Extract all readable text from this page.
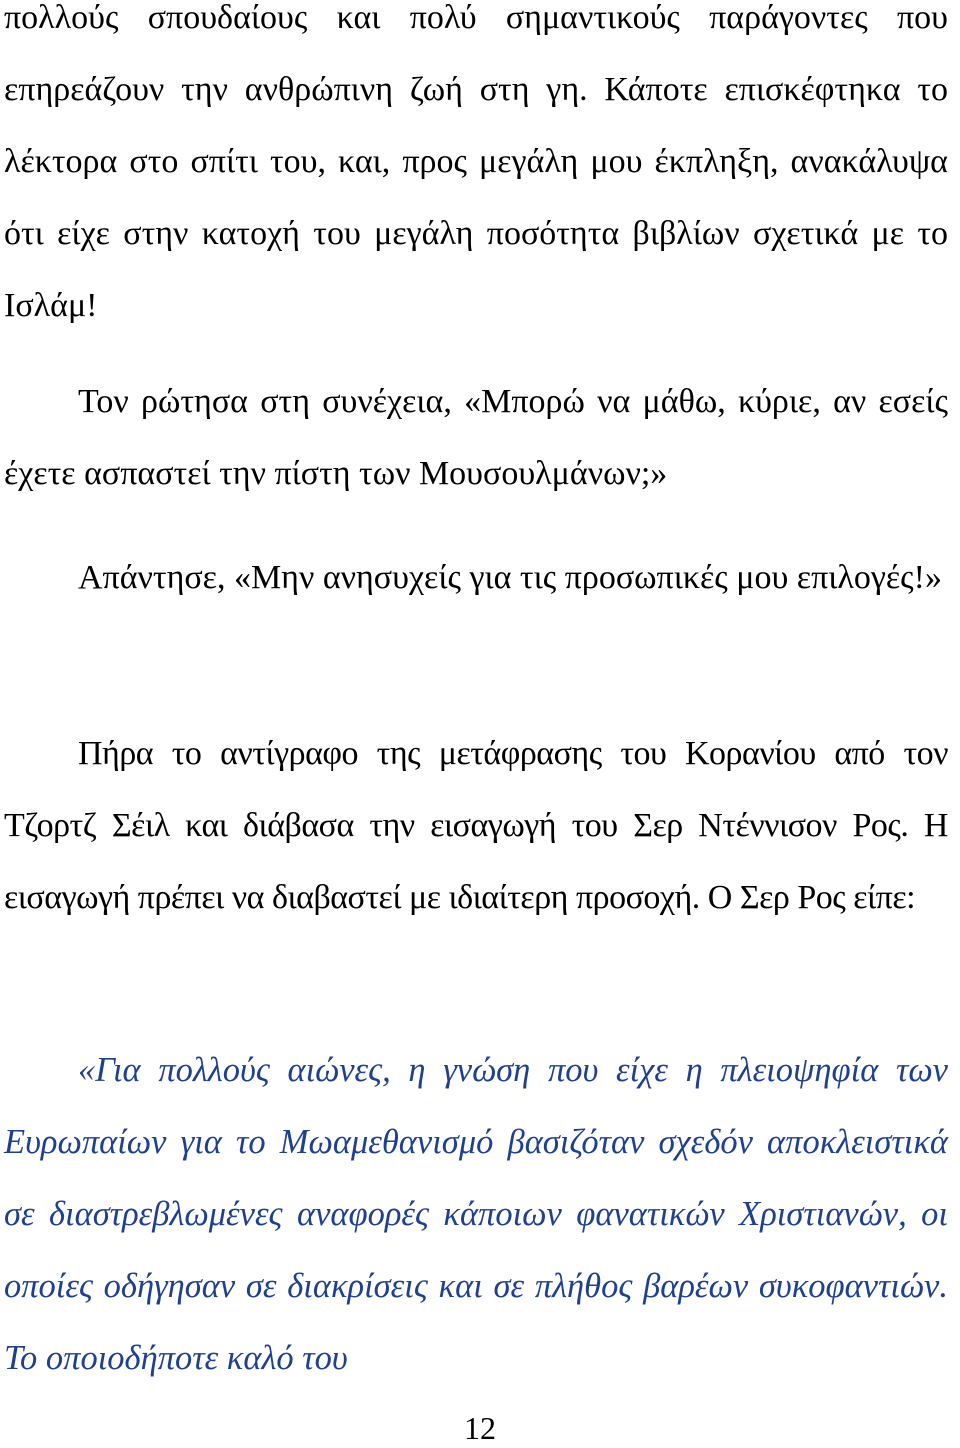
πολλούς σπουδαίους και πολύ σημαντικούς παράγοντες που επηρεάζουν την ανθρώπινη ζωή στη γη. Κάποτε επισκέφτηκα το λέκτορα στο σπίτι του, και, προς μεγάλη μου έκπληξη, ανακάλυψα ότι είχε στην κατοχή του μεγάλη ποσότητα βιβλίων σχετικά με το Ισλάμ!

Τον ρώτησα στη συνέχεια, «Μπορώ να μάθω, κύριε, αν εσείς έχετε ασπαστεί την πίστη των Μουσουλμάνων;»

Απάντησε, «Μην ανησυχείς για τις προσωπικές μου επιλογές!»

Πήρα το αντίγραφο της μετάφρασης του Κορανίου από τον Τζορτζ Σέιλ και διάβασα την εισαγωγή του Σερ Ντέννισον Ρος. Η εισαγωγή πρέπει να διαβαστεί με ιδιαίτερη προσοχή. Ο Σερ Ρος είπε:

«Για πολλούς αιώνες, η γνώση που είχε η πλειοψηφία των Ευρωπαίων για το Μωαμεθανισμό βασιζόταν σχεδόν αποκλειστικά σε διαστρεβλωμένες αναφορές κάποιων φανατικών Χριστιανών, οι οποίες οδήγησαν σε διακρίσεις και σε πλήθος βαρέων συκοφαντιών. Το οποιοδήποτε καλό του

12
